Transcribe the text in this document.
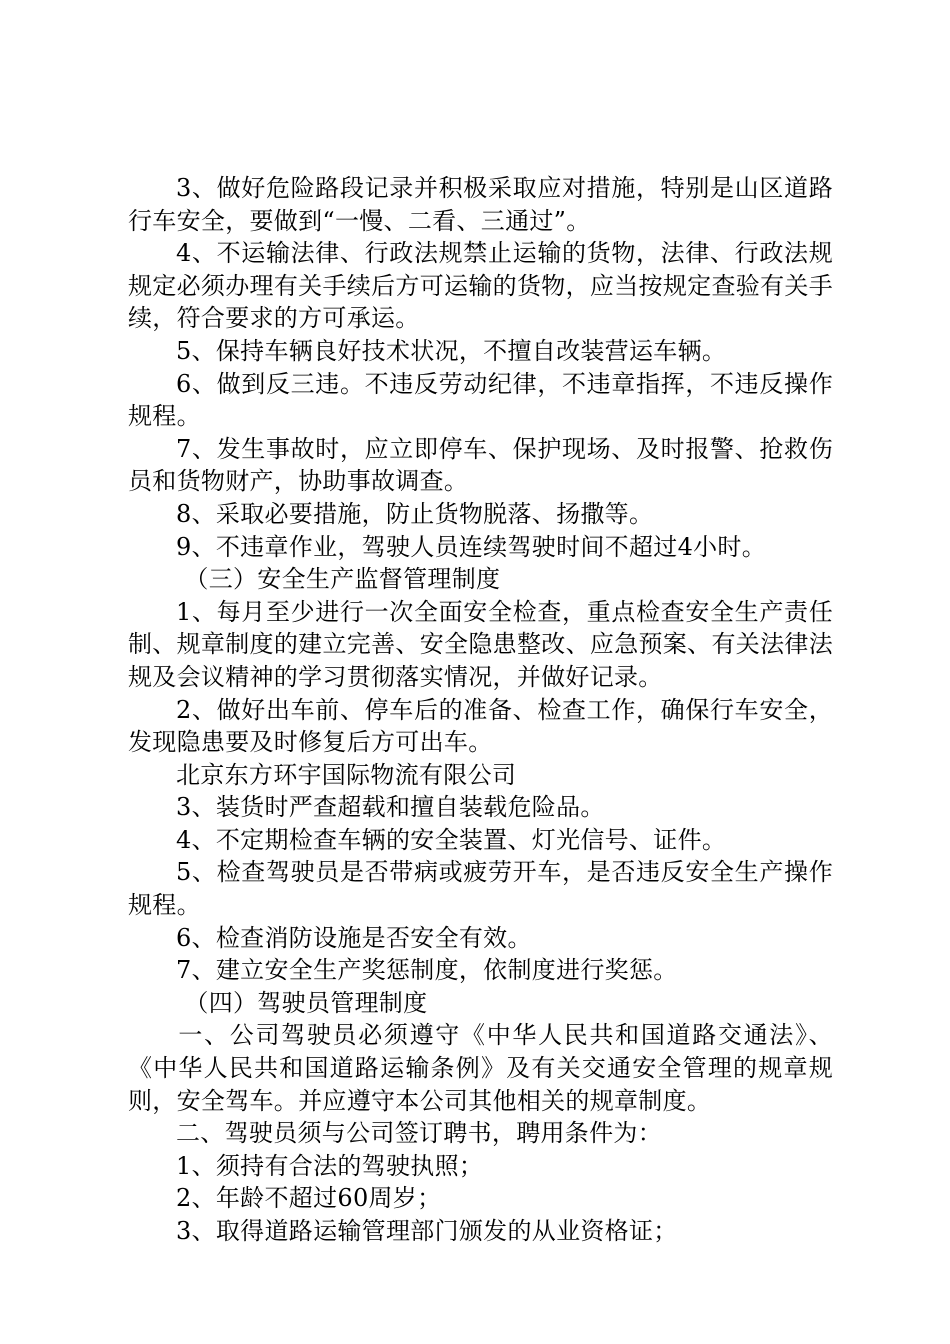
3、做好危险路段记录并积极采取应对措施，特别是山区道路行车安全，要做到“一慢、二看、三通过”。

4、不运输法律、行政法规禁止运输的货物，法律、行政法规规定必须办理有关手续后方可运输的货物，应当按规定查验有关手续，符合要求的方可承运。

5、保持车辆良好技术状况，不擅自改装营运车辆。

6、做到反三违。不违反劳动纪律，不违章指挥，不违反操作规程。

7、发生事故时，应立即停车、保护现场、及时报警、抢救伤员和货物财产，协助事故调查。

8、采取必要措施，防止货物脱落、扬撒等。

9、不违章作业，驾驶人员连续驾驶时间不超过4小时。

（三）安全生产监督管理制度

1、每月至少进行一次全面安全检查，重点检查安全生产责任制、规章制度的建立完善、安全隐患整改、应急预案、有关法律法规及会议精神的学习贯彻落实情况，并做好记录。

2、做好出车前、停车后的准备、检查工作，确保行车安全，发现隐患要及时修复后方可出车。

北京东方环宇国际物流有限公司

3、装货时严查超载和擅自装载危险品。

4、不定期检查车辆的安全装置、灯光信号、证件。

5、检查驾驶员是否带病或疲劳开车，是否违反安全生产操作规程。

6、检查消防设施是否安全有效。

7、建立安全生产奖惩制度，依制度进行奖惩。

（四）驾驶员管理制度

一、公司驾驶员必须遵守《中华人民共和国道路交通法》、《中华人民共和国道路运输条例》及有关交通安全管理的规章规则，安全驾车。并应遵守本公司其他相关的规章制度。

二、驾驶员须与公司签订聘书，聘用条件为：

1、须持有合法的驾驶执照；

2、年龄不超过60周岁；

3、取得道路运输管理部门颁发的从业资格证；
